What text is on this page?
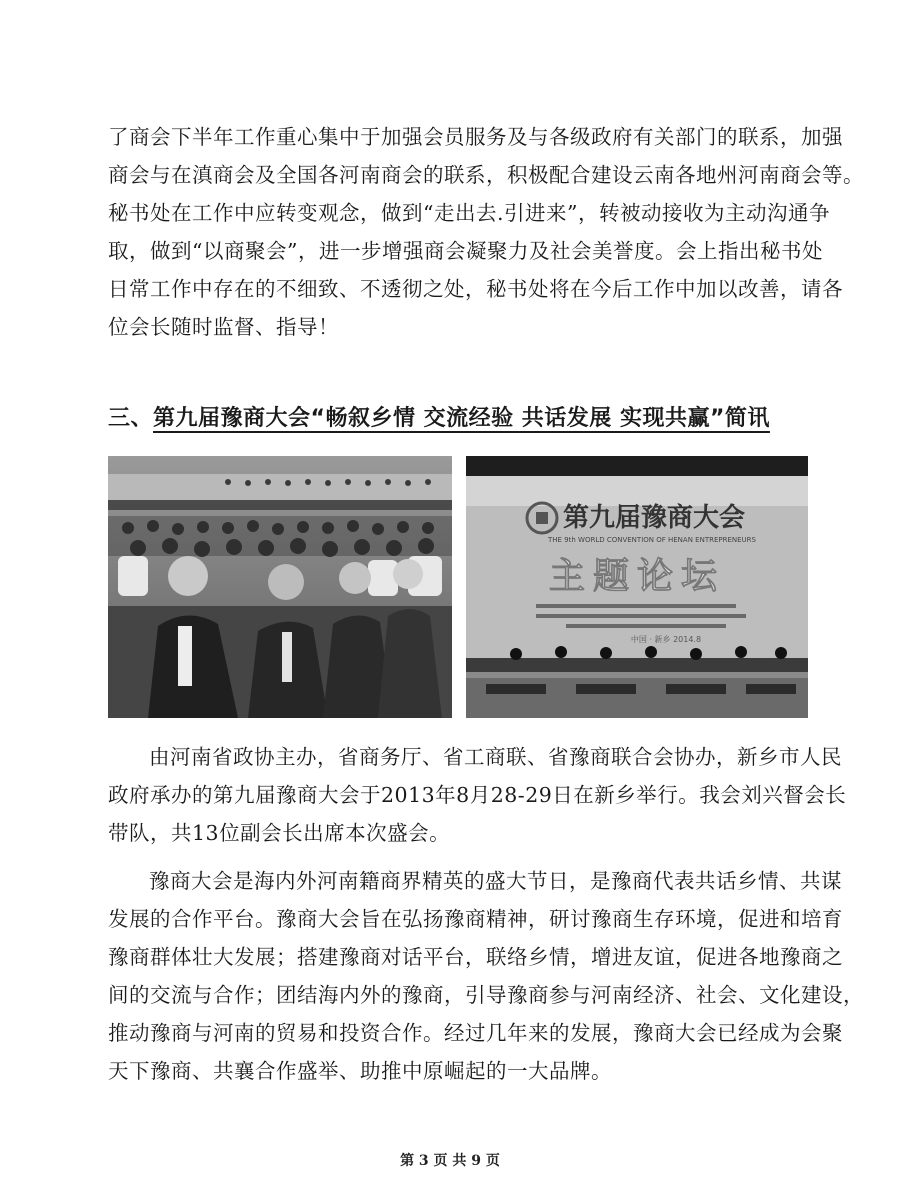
了商会下半年工作重心集中于加强会员服务及与各级政府有关部门的联系，加强
商会与在滇商会及全国各河南商会的联系，积极配合建设云南各地州河南商会等。
秘书处在工作中应转变观念，做到“走出去.引进来”，转被动接收为主动沟通争
取，做到“以商聚会”，进一步增强商会凝聚力及社会美誉度。会上指出秘书处
日常工作中存在的不细致、不透彻之处，秘书处将在今后工作中加以改善，请各
位会长随时监督、指导！

三、第九届豫商大会“畅叙乡情 交流经验 共话发展 实现共赢”简讯
第九届豫商大会
THE 9th WORLD CONVENTION OF HENAN ENTREPRENEURS
主题论坛
中国 · 新乡 2014.8

由河南省政协主办，省商务厅、省工商联、省豫商联合会协办，新乡市人民
政府承办的第九届豫商大会于2013年8月28-29日在新乡举行。我会刘兴督会长
带队，共13位副会长出席本次盛会。

豫商大会是海内外河南籍商界精英的盛大节日，是豫商代表共话乡情、共谋
发展的合作平台。豫商大会旨在弘扬豫商精神，研讨豫商生存环境，促进和培育
豫商群体壮大发展；搭建豫商对话平台，联络乡情，增进友谊，促进各地豫商之
间的交流与合作；团结海内外的豫商，引导豫商参与河南经济、社会、文化建设，
推动豫商与河南的贸易和投资合作。经过几年来的发展，豫商大会已经成为会聚
天下豫商、共襄合作盛举、助推中原崛起的一大品牌。

第 3 页 共 9 页
